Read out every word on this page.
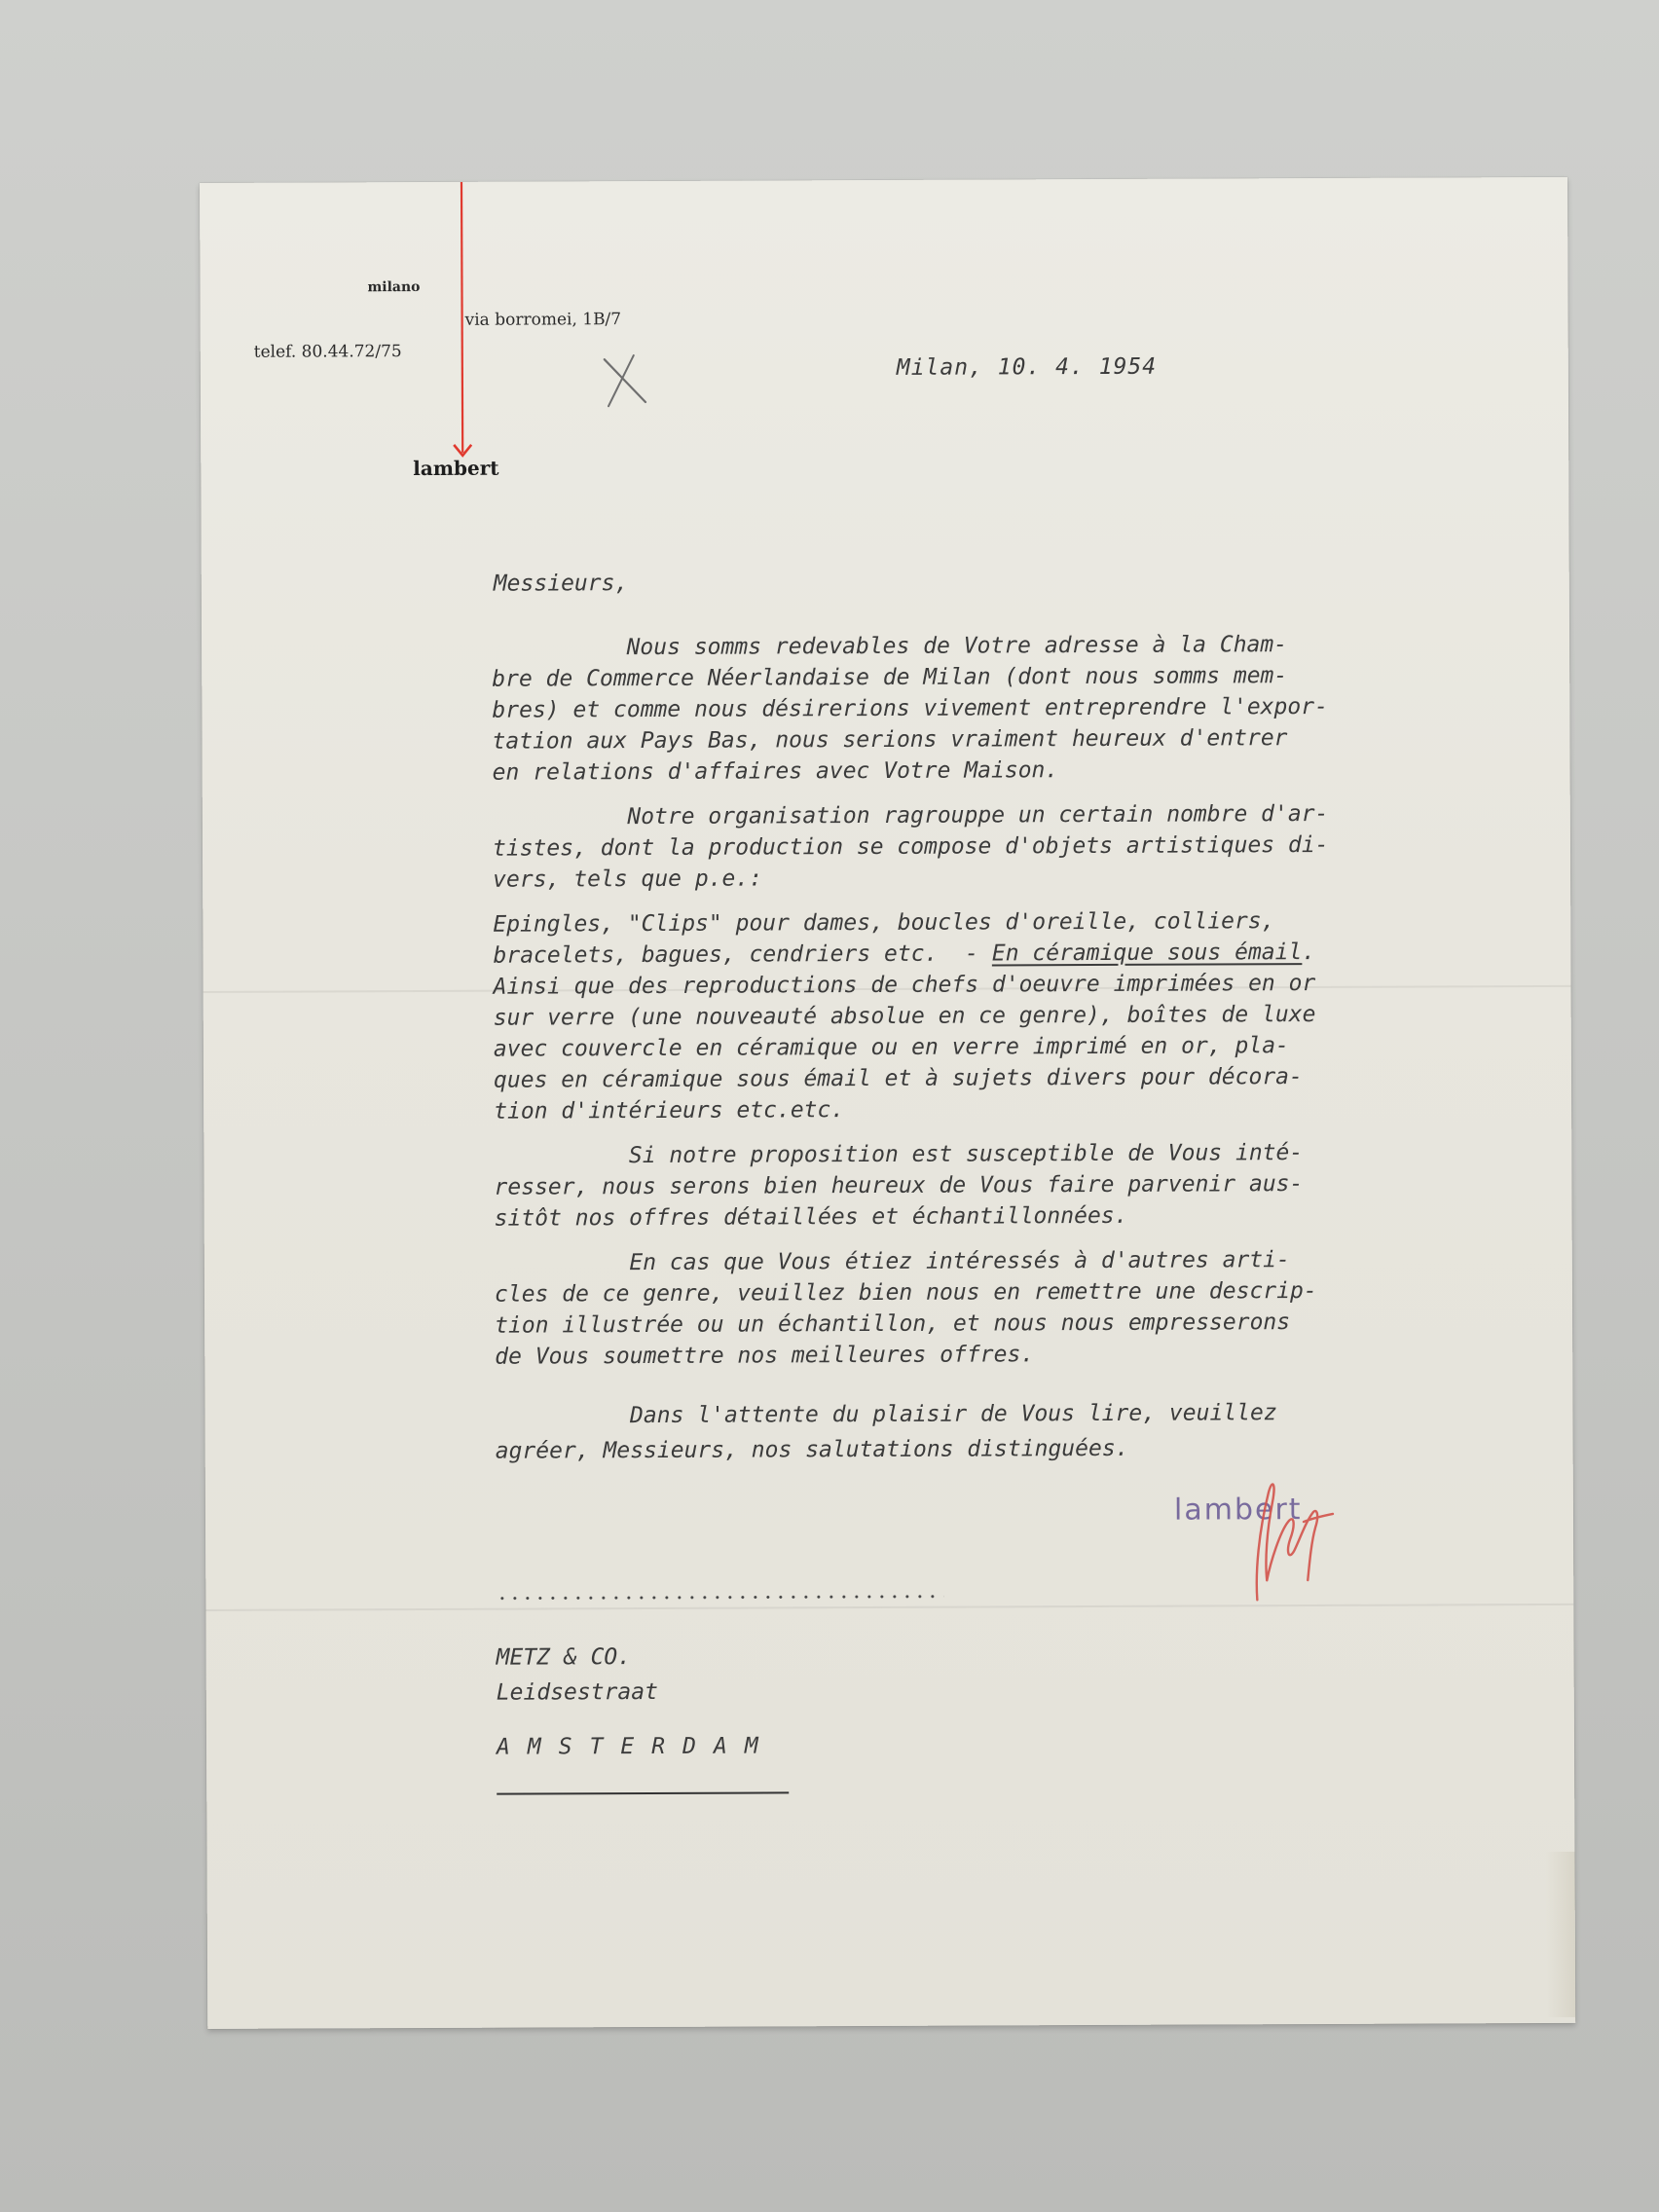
milano
via borromei, 1B/7
telef. 80.44.72/75
lambert
Milan, 10. 4. 1954
Messieurs,

Nous somms redevables de Votre adresse à la Cham-
bre de Commerce Néerlandaise de Milan (dont nous somms mem-
bres) et comme nous désirerions vivement entreprendre l'expor-
tation aux Pays Bas, nous serions vraiment heureux d'entrer
en relations d'affaires avec Votre Maison.

Notre organisation ragrouppe un certain nombre d'ar-
tistes, dont la production se compose d'objets artistiques di-
vers, tels que p.e.:

Epingles, "Clips" pour dames, boucles d'oreille, colliers,
bracelets, bagues, cendriers etc.  - En céramique sous émail.
Ainsi que des reproductions de chefs d'oeuvre imprimées en or
sur verre (une nouveauté absolue en ce genre), boîtes de luxe
avec couvercle en céramique ou en verre imprimé en or, pla-
ques en céramique sous émail et à sujets divers pour décora-
tion d'intérieurs etc.etc.

Si notre proposition est susceptible de Vous inté-
resser, nous serons bien heureux de Vous faire parvenir aus-
sitôt nos offres détaillées et échantillonnées.

En cas que Vous étiez intéressés à d'autres arti-
cles de ce genre, veuillez bien nous en remettre une descrip-
tion illustrée ou un échantillon, et nous nous empresserons
de Vous soumettre nos meilleures offres.

Dans l'attente du plaisir de Vous lire, veuillez
agréer, Messieurs, nos salutations distinguées.

lambert
METZ & CO.
Leidsestraat
AMSTERDAM
